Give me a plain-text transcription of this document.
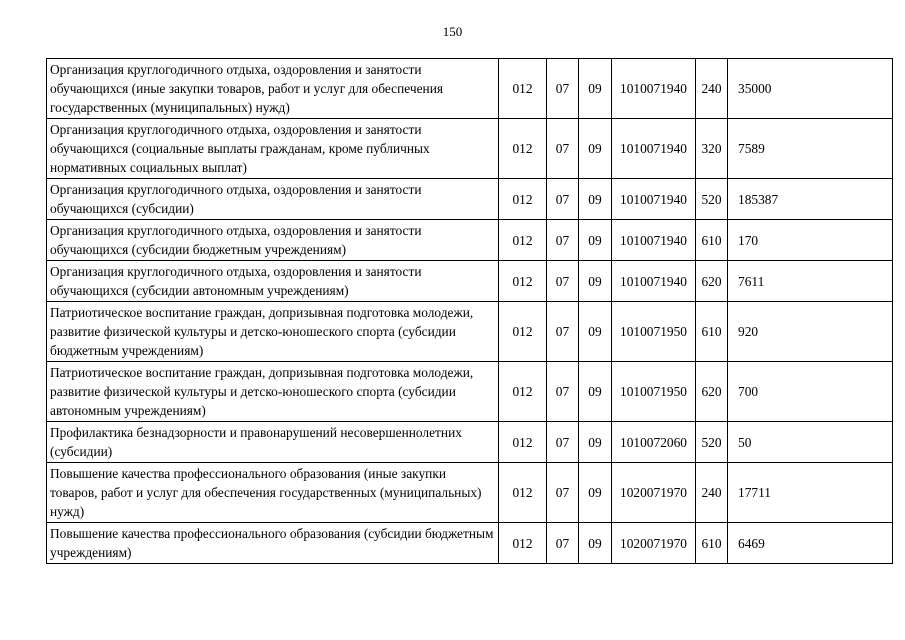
150
Организация круглогодичного отдыха, оздоровления и занятости обучающихся (иные закупки товаров, работ и услуг для обеспечения государственных (муниципальных) нужд)	012	07	09	1010071940	240	35000
Организация круглогодичного отдыха, оздоровления и занятости обучающихся (социальные выплаты гражданам, кроме публичных нормативных социальных выплат)	012	07	09	1010071940	320	7589
Организация круглогодичного отдыха, оздоровления и занятости обучающихся (субсидии)	012	07	09	1010071940	520	185387
Организация круглогодичного отдыха, оздоровления и занятости обучающихся (субсидии бюджетным учреждениям)	012	07	09	1010071940	610	170
Организация круглогодичного отдыха, оздоровления и занятости обучающихся (субсидии автономным учреждениям)	012	07	09	1010071940	620	7611
Патриотическое воспитание граждан, допризывная подготовка молодежи, развитие физической культуры и детско-юношеского спорта (субсидии бюджетным учреждениям)	012	07	09	1010071950	610	920
Патриотическое воспитание граждан, допризывная подготовка молодежи, развитие физической культуры и детско-юношеского спорта (субсидии автономным учреждениям)	012	07	09	1010071950	620	700
Профилактика безнадзорности и правонарушений несовершеннолетних (субсидии)	012	07	09	1010072060	520	50
Повышение качества профессионального образования (иные закупки товаров, работ и услуг для обеспечения государственных (муниципальных) нужд)	012	07	09	1020071970	240	17711
Повышение качества профессионального образования (субсидии бюджетным учреждениям)	012	07	09	1020071970	610	6469
